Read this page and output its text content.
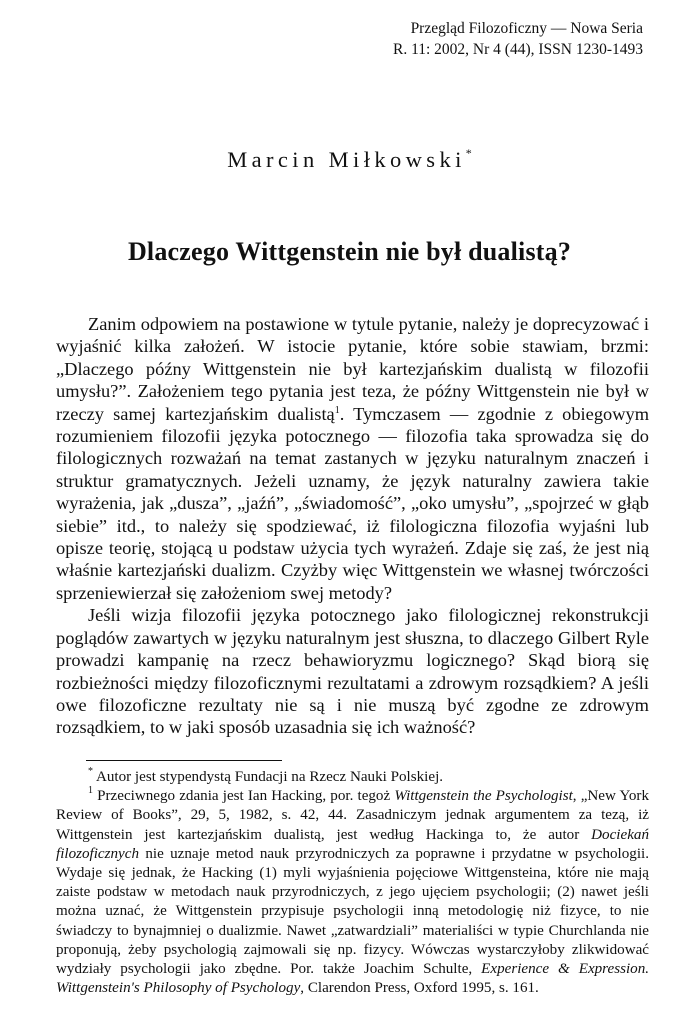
Przegląd Filozoficzny — Nowa Seria
R. 11: 2002, Nr 4 (44), ISSN 1230-1493
Marcin Miłkowski*
Dlaczego Wittgenstein nie był dualistą?

Zanim odpowiem na postawione w tytule pytanie, należy je doprecyzować i wyjaśnić kilka założeń. W istocie pytanie, które sobie stawiam, brzmi: „Dlaczego późny Wittgenstein nie był kartezjańskim dualistą w filozofii umysłu?”. Założeniem tego pytania jest teza, że późny Wittgenstein nie był w rzeczy samej kartezjańskim dualistą$^1$. Tymczasem — zgodnie z obiegowym rozumieniem filozofii języka potocznego — filozofia taka sprowadza się do filologicznych rozważań na temat zastanych w języku naturalnym znaczeń i struktur gramatycznych. Jeżeli uznamy, że język naturalny zawiera takie wyrażenia, jak „dusza”, „jaźń”, „świadomość”, „oko umysłu”, „spojrzeć w głąb siebie” itd., to należy się spodziewać, iż filologiczna filozofia wyjaśni lub opisze teorię, stojącą u podstaw użycia tych wyrażeń. Zdaje się zaś, że jest nią właśnie kartezjański dualizm. Czyżby więc Wittgenstein we własnej twórczości sprzeniewierzał się założeniom swej metody?

Jeśli wizja filozofii języka potocznego jako filologicznej rekonstrukcji poglądów zawartych w języku naturalnym jest słuszna, to dlaczego Gilbert Ryle prowadzi kampanię na rzecz behawioryzmu logicznego? Skąd biorą się rozbieżności między filozoficznymi rezultatami a zdrowym rozsądkiem? A jeśli owe filozoficzne rezultaty nie są i nie muszą być zgodne ze zdrowym rozsądkiem, to w jaki sposób uzasadnia się ich ważność?

* Autor jest stypendystą Fundacji na Rzecz Nauki Polskiej.

$^1$ Przeciwnego zdania jest Ian Hacking, por. tegoż Wittgenstein the Psychologist, „New York Review of Books”, 29, 5, 1982, s. 42, 44. Zasadniczym jednak argumentem za tezą, iż Wittgenstein jest kartezjańskim dualistą, jest według Hackinga to, że autor Dociekań filozoficznych nie uznaje metod nauk przyrodniczych za poprawne i przydatne w psychologii. Wydaje się jednak, że Hacking (1) myli wyjaśnienia pojęciowe Wittgensteina, które nie mają zaiste podstaw w metodach nauk przyrodniczych, z jego ujęciem psychologii; (2) nawet jeśli można uznać, że Wittgenstein przypisuje psychologii inną metodologię niż fizyce, to nie świadczy to bynajmniej o dualizmie. Nawet „zatwardziali” materialiści w typie Churchlanda nie proponują, żeby psychologią zajmowali się np. fizycy. Wówczas wystarczyłoby zlikwidować wydziały psychologii jako zbędne. Por. także Joachim Schulte, Experience & Expression. Wittgenstein's Philosophy of Psychology, Clarendon Press, Oxford 1995, s. 161.
